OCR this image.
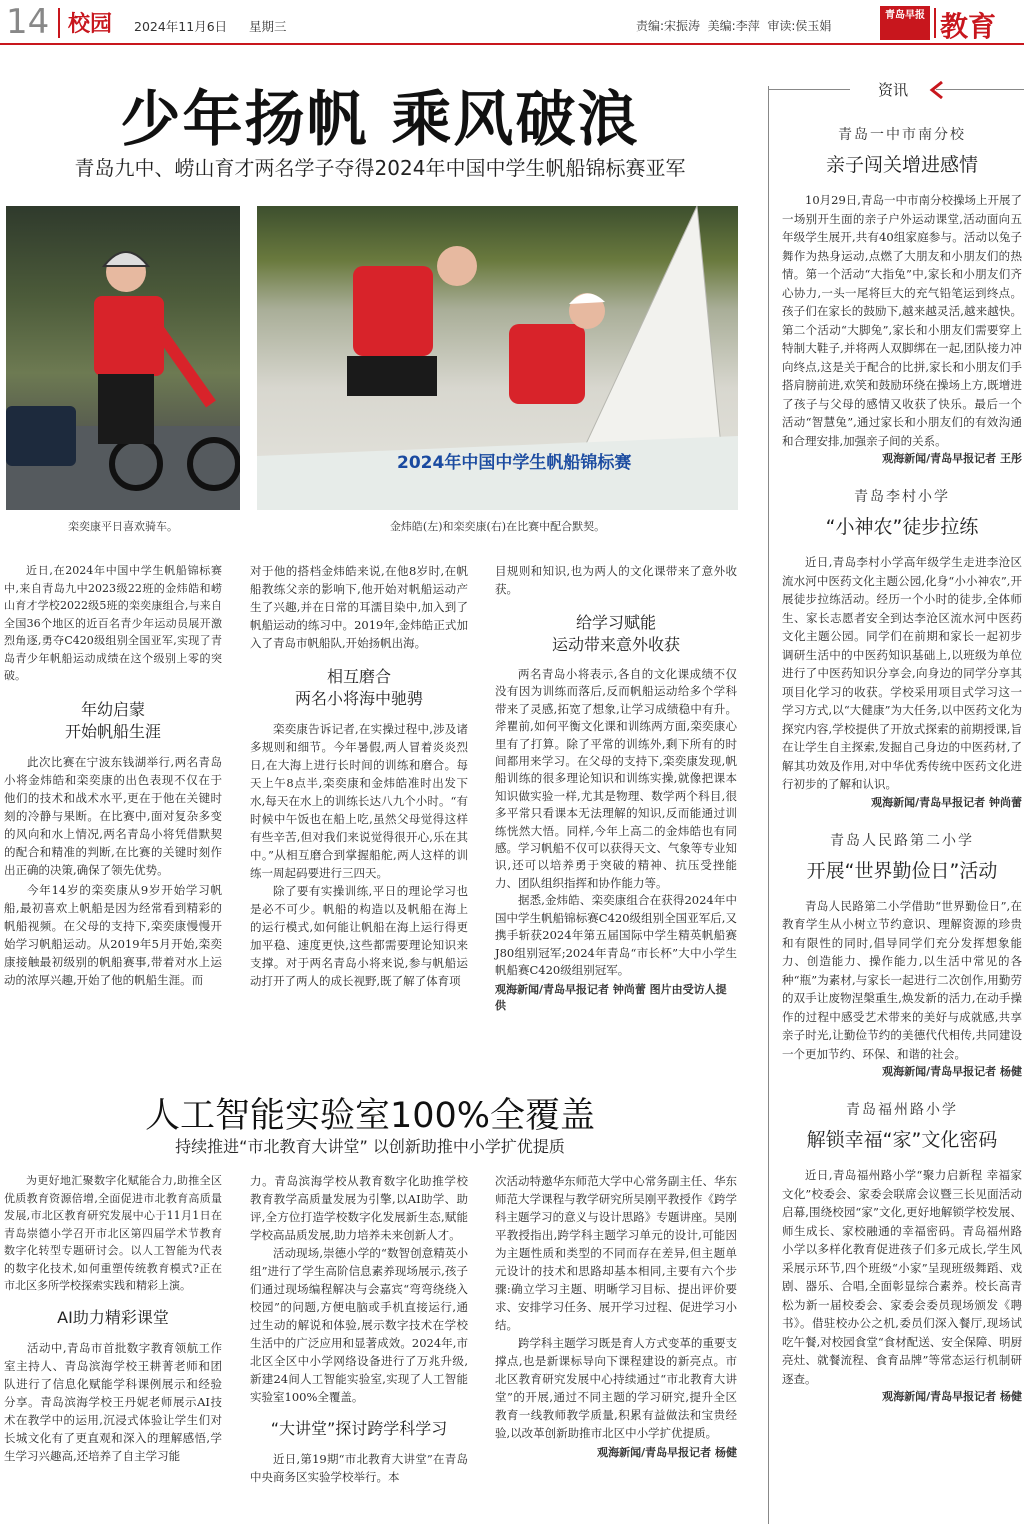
14 校园 2024年11月6日 星期三	责编:宋振涛  美编:李萍  审读:侯玉娟
青岛早报 教育
少年扬帆 乘风破浪
青岛九中、崂山育才两名学子夺得2024年中国中学生帆船锦标赛亚军
2024年中国中学生帆船锦标赛
栾奕康平日喜欢骑车。	金炜皓(左)和栾奕康(右)在比赛中配合默契。
近日,在2024年中国中学生帆船锦标赛中,来自青岛九中2023级22班的金炜皓和崂山育才学校2022级5班的栾奕康组合,与来自全国36个地区的近百名青少年运动员展开激烈角逐,勇夺C420级组别全国亚军,实现了青岛青少年帆船运动成绩在这个级别上零的突破。
年幼启蒙
开始帆船生涯
此次比赛在宁波东钱湖举行,两名青岛小将金炜皓和栾奕康的出色表现不仅在于他们的技术和战术水平,更在于他在关键时刻的冷静与果断。在比赛中,面对复杂多变的风向和水上情况,两名青岛小将凭借默契的配合和精准的判断,在比赛的关键时刻作出正确的决策,确保了领先优势。
今年14岁的栾奕康从9岁开始学习帆船,最初喜欢上帆船是因为经常看到精彩的帆船视频。在父母的支持下,栾奕康慢慢开始学习帆船运动。从2019年5月开始,栾奕康接触最初级别的帆船赛事,带着对水上运动的浓厚兴趣,开始了他的帆船生涯。而
对于他的搭档金炜皓来说,在他8岁时,在帆船教练父亲的影响下,他开始对帆船运动产生了兴趣,并在日常的耳濡目染中,加入到了帆船运动的练习中。2019年,金炜皓正式加入了青岛市帆船队,开始扬帆出海。
相互磨合
两名小将海中驰骋
栾奕康告诉记者,在实操过程中,涉及诸多规则和细节。今年暑假,两人冒着炎炎烈日,在大海上进行长时间的训练和磨合。每天上午8点半,栾奕康和金炜皓准时出发下水,每天在水上的训练长达八九个小时。“有时候中午饭也在船上吃,虽然父母觉得这样有些辛苦,但对我们来说觉得很开心,乐在其中。”从相互磨合到掌握船舵,两人这样的训练一周起码要进行三四天。
除了要有实操训练,平日的理论学习也是必不可少。帆船的构造以及帆船在海上的运行模式,如何能让帆船在海上运行得更加平稳、速度更快,这些都需要理论知识来支撑。对于两名青岛小将来说,参与帆船运动打开了两人的成长视野,既了解了体育项
目规则和知识,也为两人的文化课带来了意外收获。
给学习赋能
运动带来意外收获
两名青岛小将表示,各自的文化课成绩不仅没有因为训练而落后,反而帆船运动给多个学科带来了灵感,拓宽了想象,让学习成绩稳中有升。斧瞿前,如何平衡文化课和训练两方面,栾奕康心里有了打算。除了平常的训练外,剩下所有的时间都用来学习。在父母的支持下,栾奕康发现,帆船训练的很多理论知识和训练实操,就像把课本知识做实验一样,尤其是物理、数学两个科目,很多平常只看课本无法理解的知识,反而能通过训练恍然大悟。同样,今年上高二的金炜皓也有同感。学习帆船不仅可以获得天文、气象等专业知识,还可以培养勇于突破的精神、抗压受挫能力、团队组织指挥和协作能力等。
据悉,金炜皓、栾奕康组合在获得2024年中国中学生帆船锦标赛C420级组别全国亚军后,又携手斩获2024年第五届国际中学生精英帆船赛J80组别冠军;2024年青岛“市长杯”大中小学生帆船赛C420级组别冠军。
观海新闻/青岛早报记者 钟尚蕾 图片由受访人提供
人工智能实验室100%全覆盖
持续推进“市北教育大讲堂” 以创新助推中小学扩优提质
为更好地汇聚数字化赋能合力,助推全区优质教育资源倍增,全面促进市北教育高质量发展,市北区教育研究发展中心于11月1日在青岛崇德小学召开市北区第四届学术节教育数字化转型专题研讨会。以人工智能为代表的数字化技术,如何重塑传统教育模式?正在市北区多所学校探索实践和精彩上演。
AI助力精彩课堂
活动中,青岛市首批数字教育领航工作室主持人、青岛滨海学校王耕菁老师和团队进行了信息化赋能学科课例展示和经验分享。青岛滨海学校王丹妮老师展示AI技术在教学中的运用,沉浸式体验让学生们对长城文化有了更直观和深入的理解感悟,学生学习兴趣高,还培养了自主学习能
力。青岛滨海学校从教育数字化助推学校教育教学高质量发展为引擎,以AI助学、助评,全方位打造学校数字化发展新生态,赋能学校高品质发展,助力培养未来创新人才。
活动现场,崇德小学的“数智创意精英小组”进行了学生高阶信息素养现场展示,孩子们通过现场编程解决与会嘉宾“弯弯绕绕入校园”的问题,方便电脑或手机直接运行,通过生动的解说和体验,展示数字技术在学校生活中的广泛应用和显著成效。2024年,市北区全区中小学网络设备进行了万兆升级,新建24间人工智能实验室,实现了人工智能实验室100%全覆盖。
“大讲堂”探讨跨学科学习
近日,第19期“市北教育大讲堂”在青岛中央商务区实验学校举行。本
次活动特邀华东师范大学中心常务副主任、华东师范大学课程与教学研究所吴刚平教授作《跨学科主题学习的意义与设计思路》专题讲座。吴刚平教授指出,跨学科主题学习单元的设计,可能因为主题性质和类型的不同而存在差异,但主题单元设计的技术和思路却基本相同,主要有六个步骤:确立学习主题、明晰学习目标、提出评价要求、安排学习任务、展开学习过程、促进学习小结。
跨学科主题学习既是育人方式变革的重要支撑点,也是新课标导向下课程建设的新亮点。市北区教育研究发展中心持续通过“市北教育大讲堂”的开展,通过不同主题的学习研究,提升全区教育一线教师教学质量,积累有益做法和宝贵经验,以改革创新助推市北区中小学扩优提质。
观海新闻/青岛早报记者 杨健
资讯
青岛一中市南分校
亲子闯关增进感情
10月29日,青岛一中市南分校操场上开展了一场别开生面的亲子户外运动课堂,活动面向五年级学生展开,共有40组家庭参与。活动以兔子舞作为热身运动,点燃了大朋友和小朋友们的热情。第一个活动“大指兔”中,家长和小朋友们齐心协力,一头一尾将巨大的充气铅笔运到终点。孩子们在家长的鼓励下,越来越灵活,越来越快。第二个活动“大脚兔”,家长和小朋友们需要穿上特制大鞋子,并将两人双脚绑在一起,团队接力冲向终点,这是关于配合的比拼,家长和小朋友们手搭肩膀前进,欢笑和鼓励环绕在操场上方,既增进了孩子与父母的感情又收获了快乐。最后一个活动“智慧兔”,通过家长和小朋友们的有效沟通和合理安排,加强亲子间的关系。
观海新闻/青岛早报记者 王彤
青岛李村小学
“小神农”徒步拉练
近日,青岛李村小学高年级学生走进李沧区流水河中医药文化主题公园,化身“小小神农”,开展徒步拉练活动。经历一个小时的徒步,全体师生、家长志愿者安全到达李沧区流水河中医药文化主题公园。同学们在前期和家长一起初步调研生活中的中医药知识基础上,以班级为单位进行了中医药知识分享会,向身边的同学分享其项目化学习的收获。学校采用项目式学习这一学习方式,以“大健康”为大任务,以中医药文化为探究内容,学校提供了开放式探索的前期授课,旨在让学生自主探索,发掘自己身边的中医药材,了解其功效及作用,对中华优秀传统中医药文化进行初步的了解和认识。
观海新闻/青岛早报记者 钟尚蕾
青岛人民路第二小学
开展“世界勤俭日”活动
青岛人民路第二小学借助“世界勤俭日”,在教育学生从小树立节约意识、理解资源的珍贵和有限性的同时,倡导同学们充分发挥想象能力、创造能力、操作能力,以生活中常见的各种“瓶”为素材,与家长一起进行二次创作,用勤劳的双手让废物涅槃重生,焕发新的活力,在动手操作的过程中感受艺术带来的美好与成就感,共享亲子时光,让勤俭节约的美德代代相传,共同建设一个更加节约、环保、和谐的社会。
观海新闻/青岛早报记者 杨健
青岛福州路小学
解锁幸福“家”文化密码
近日,青岛福州路小学“聚力启新程 幸福家文化”校委会、家委会联席会议暨三长见面活动启幕,围绕校园“家”文化,更好地解锁学校发展、师生成长、家校融通的幸福密码。青岛福州路小学以多样化教育促进孩子们多元成长,学生风采展示环节,四个班级“小家”呈现班级舞蹈、戏剧、器乐、合唱,全面彰显综合素养。校长高青松为新一届校委会、家委会委员现场颁发《聘书》。借驻校办公之机,委员们深入餐厅,现场试吃午餐,对校园食堂“食材配送、安全保障、明厨亮灶、就餐流程、食育品牌”等常态运行机制研逐查。
观海新闻/青岛早报记者 杨健
